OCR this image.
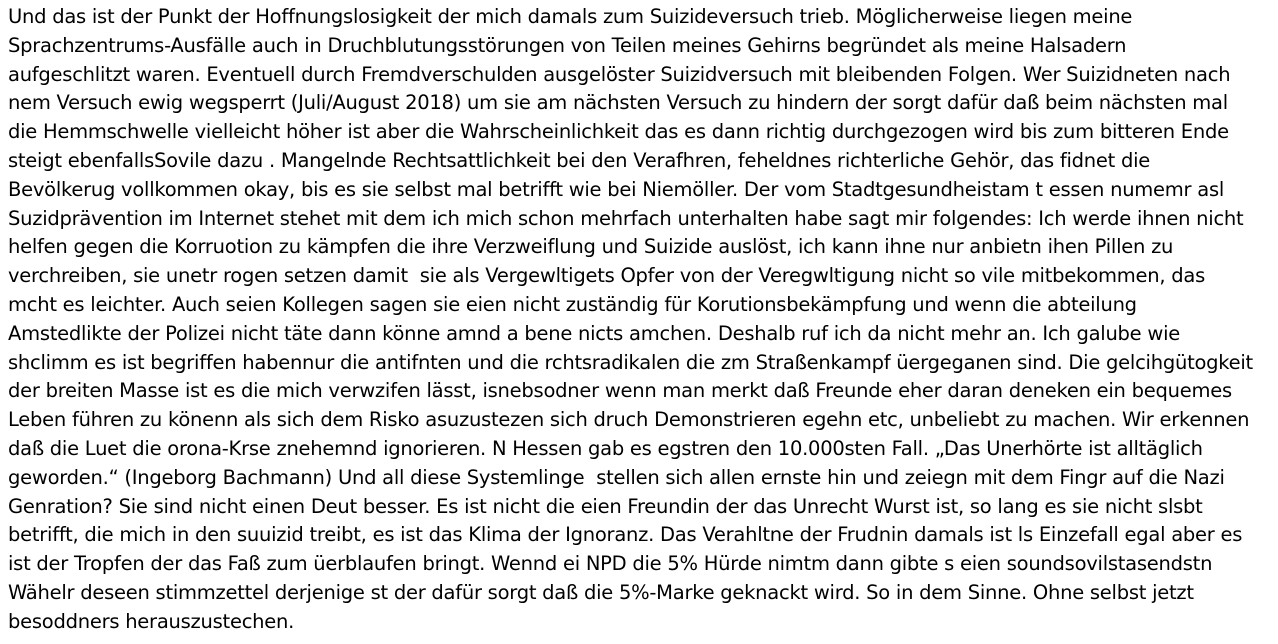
Und das ist der Punkt der Hoffnungslosigkeit der mich damals zum Suizideversuch trieb. Möglicherweise liegen meine
Sprachzentrums-Ausfälle auch in Druchblutungsstörungen von Teilen meines Gehirns begründet als meine Halsadern
aufgeschlitzt waren. Eventuell durch Fremdverschulden ausgelöster Suizidversuch mit bleibenden Folgen. Wer Suizidneten nach
nem Versuch ewig wegsperrt (Juli/August 2018) um sie am nächsten Versuch zu hindern der sorgt dafür daß beim nächsten mal
die Hemmschwelle vielleicht höher ist aber die Wahrscheinlichkeit das es dann richtig durchgezogen wird bis zum bitteren Ende
steigt ebenfallsSovile dazu . Mangelnde Rechtsattlichkeit bei den Verafhren, feheldnes richterliche Gehör, das fidnet die
Bevölkerug vollkommen okay, bis es sie selbst mal betrifft wie bei Niemöller. Der vom Stadtgesundheistam t essen numemr asl
Suzidprävention im Internet stehet mit dem ich mich schon mehrfach unterhalten habe sagt mir folgendes: Ich werde ihnen nicht
helfen gegen die Korruotion zu kämpfen die ihre Verzweiflung und Suizide auslöst, ich kann ihne nur anbietn ihen Pillen zu
verchreiben, sie unetr rogen setzen damit  sie als Vergewltigets Opfer von der Veregwltigung nicht so vile mitbekommen, das
mcht es leichter. Auch seien Kollegen sagen sie eien nicht zuständig für Korutionsbekämpfung und wenn die abteilung
Amstedlikte der Polizei nicht täte dann könne amnd a bene nicts amchen. Deshalb ruf ich da nicht mehr an. Ich galube wie
shclimm es ist begriffen habennur die antifnten und die rchtsradikalen die zm Straßenkampf üergeganen sind. Die gelcihgütogkeit
der breiten Masse ist es die mich verwzifen lässt, isnebsodner wenn man merkt daß Freunde eher daran deneken ein bequemes
Leben führen zu könenn als sich dem Risko asuzustezen sich druch Demonstrieren egehn etc, unbeliebt zu machen. Wir erkennen
daß die Luet die orona-Krse znehemnd ignorieren. N Hessen gab es egstren den 10.000sten Fall. „Das Unerhörte ist alltäglich
geworden.“ (Ingeborg Bachmann) Und all diese Systemlinge  stellen sich allen ernste hin und zeiegn mit dem Fingr auf die Nazi
Genration? Sie sind nicht einen Deut besser. Es ist nicht die eien Freundin der das Unrecht Wurst ist, so lang es sie nicht slsbt
betrifft, die mich in den suuizid treibt, es ist das Klima der Ignoranz. Das Verahltne der Frudnin damals ist ls Einzefall egal aber es
ist der Tropfen der das Faß zum üerblaufen bringt. Wennd ei NPD die 5% Hürde nimtm dann gibte s eien soundsovilstasendstn
Wähelr deseen stimmzettel derjenige st der dafür sorgt daß die 5%-Marke geknackt wird. So in dem Sinne. Ohne selbst jetzt
besoddners herauszustechen.
